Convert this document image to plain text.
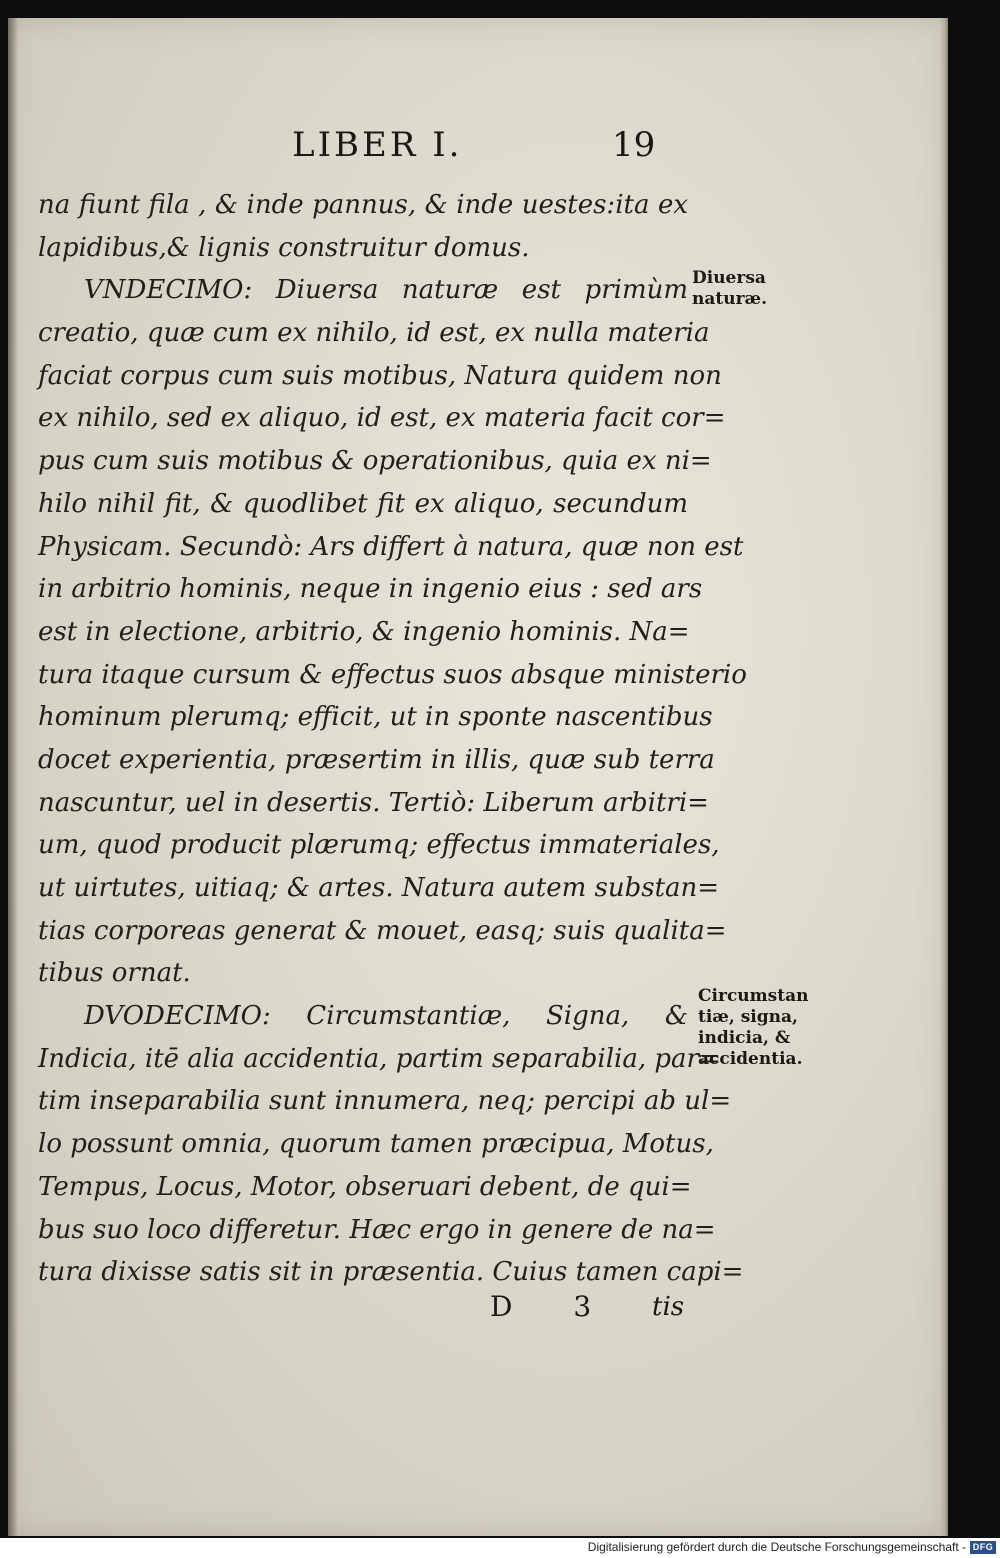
LIBER I.	19
na fiunt fila , & inde pannus, & inde uestes:ita ex
lapidibus,& lignis construitur domus.
VNDECIMO: Diuersa naturæ est primùm
creatio, quæ cum ex nihilo, id est, ex nulla materia
faciat corpus cum suis motibus, Natura quidem non
ex nihilo, sed ex aliquo, id est, ex materia facit cor=
pus cum suis motibus & operationibus, quia ex ni=
hilo nihil fit, & quodlibet fit ex aliquo, secundum
Physicam. Secundò: Ars differt à natura, quæ non est
in arbitrio hominis, neque in ingenio eius : sed ars
est in electione, arbitrio, & ingenio hominis. Na=
tura itaque cursum & effectus suos absque ministerio
hominum plerumq; efficit, ut in sponte nascentibus
docet experientia, præsertim in illis, quæ sub terra
nascuntur, uel in desertis. Tertiò: Liberum arbitri=
um, quod producit plærumq; effectus immateriales,
ut uirtutes, uitiaq; & artes. Natura autem substan=
tias corporeas generat & mouet, easq; suis qualita=
tibus ornat.
DVODECIMO: Circumstantiæ, Signa, &
Indicia, itē alia accidentia, partim separabilia, par=
tim inseparabilia sunt innumera, neq; percipi ab ul=
lo possunt omnia, quorum tamen præcipua, Motus,
Tempus, Locus, Motor, obseruari debent, de qui=
bus suo loco differetur. Hæc ergo in genere de na=
tura dixisse satis sit in præsentia. Cuius tamen capi=
Diuersa
naturæ.
Circumstan
tiæ, signa,
indicia, &
accidentia.
D 3 tis
Digitalisierung gefördert durch die Deutsche Forschungsgemeinschaft - DFG
